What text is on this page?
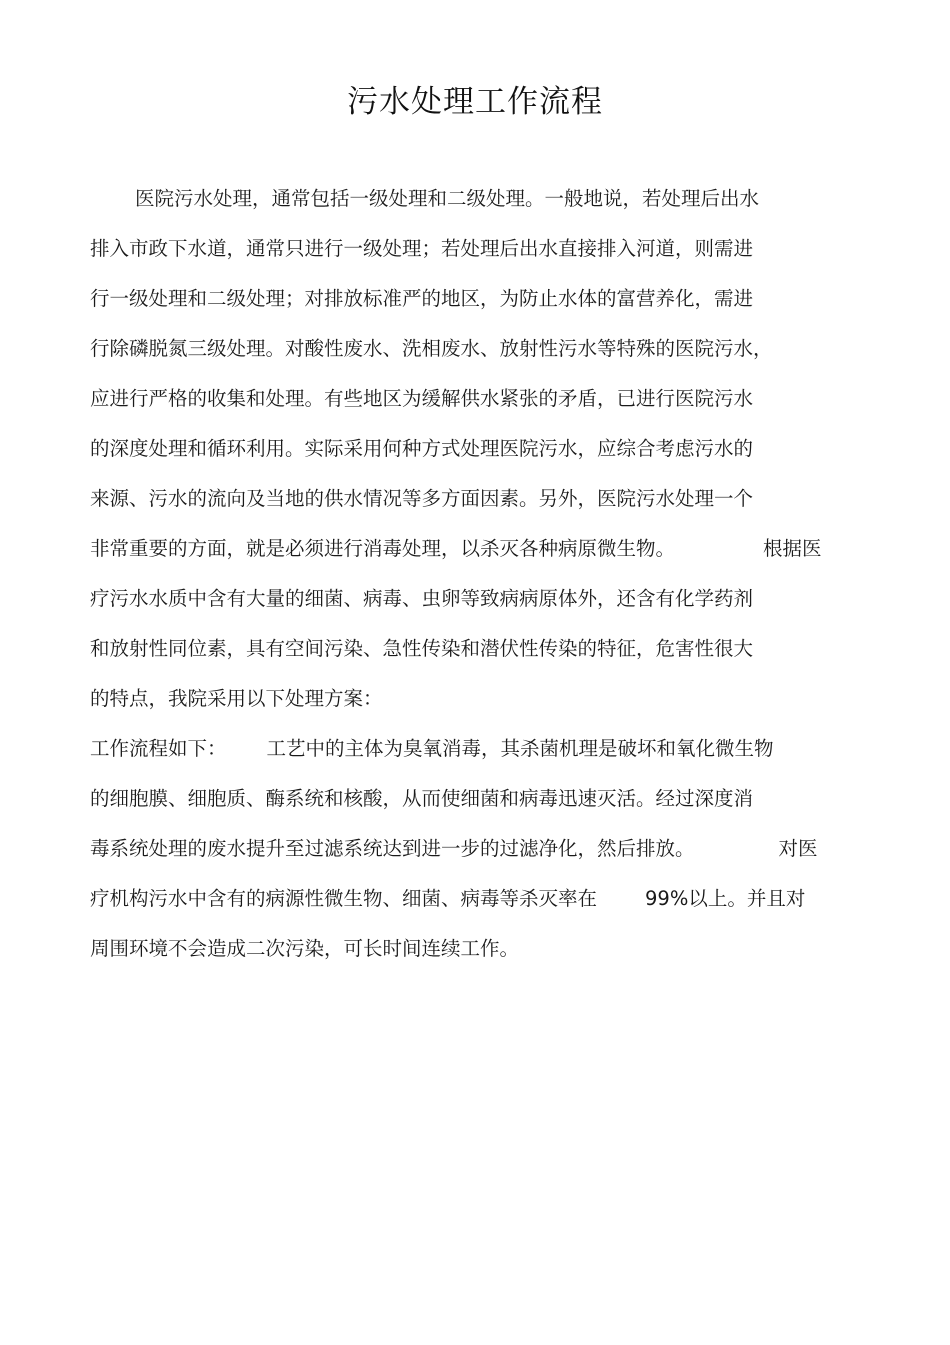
污水处理工作流程
医院污水处理，通常包括一级处理和二级处理。一般地说，若处理后出水
排入市政下水道，通常只进行一级处理；若处理后出水直接排入河道，则需进
行一级处理和二级处理；对排放标准严的地区，为防止水体的富营养化，需进
行除磷脱氮三级处理。对酸性废水、洗相废水、放射性污水等特殊的医院污水，
应进行严格的收集和处理。有些地区为缓解供水紧张的矛盾，已进行医院污水
的深度处理和循环利用。实际采用何种方式处理医院污水，应综合考虑污水的
来源、污水的流向及当地的供水情况等多方面因素。另外，医院污水处理一个
非常重要的方面，就是必须进行消毒处理，以杀灭各种病原微生物。	根据医
疗污水水质中含有大量的细菌、病毒、虫卵等致病病原体外，还含有化学药剂
和放射性同位素，具有空间污染、急性传染和潜伏性传染的特征，危害性很大
的特点，我院采用以下处理方案：
工作流程如下： 工艺中的主体为臭氧消毒，其杀菌机理是破坏和氧化微生物
的细胞膜、细胞质、酶系统和核酸，从而使细菌和病毒迅速灭活。经过深度消
毒系统处理的废水提升至过滤系统达到进一步的过滤净化，然后排放。	对医
疗机构污水中含有的病源性微生物、细菌、病毒等杀灭率在 99%以上。并且对
周围环境不会造成二次污染，可长时间连续工作。
